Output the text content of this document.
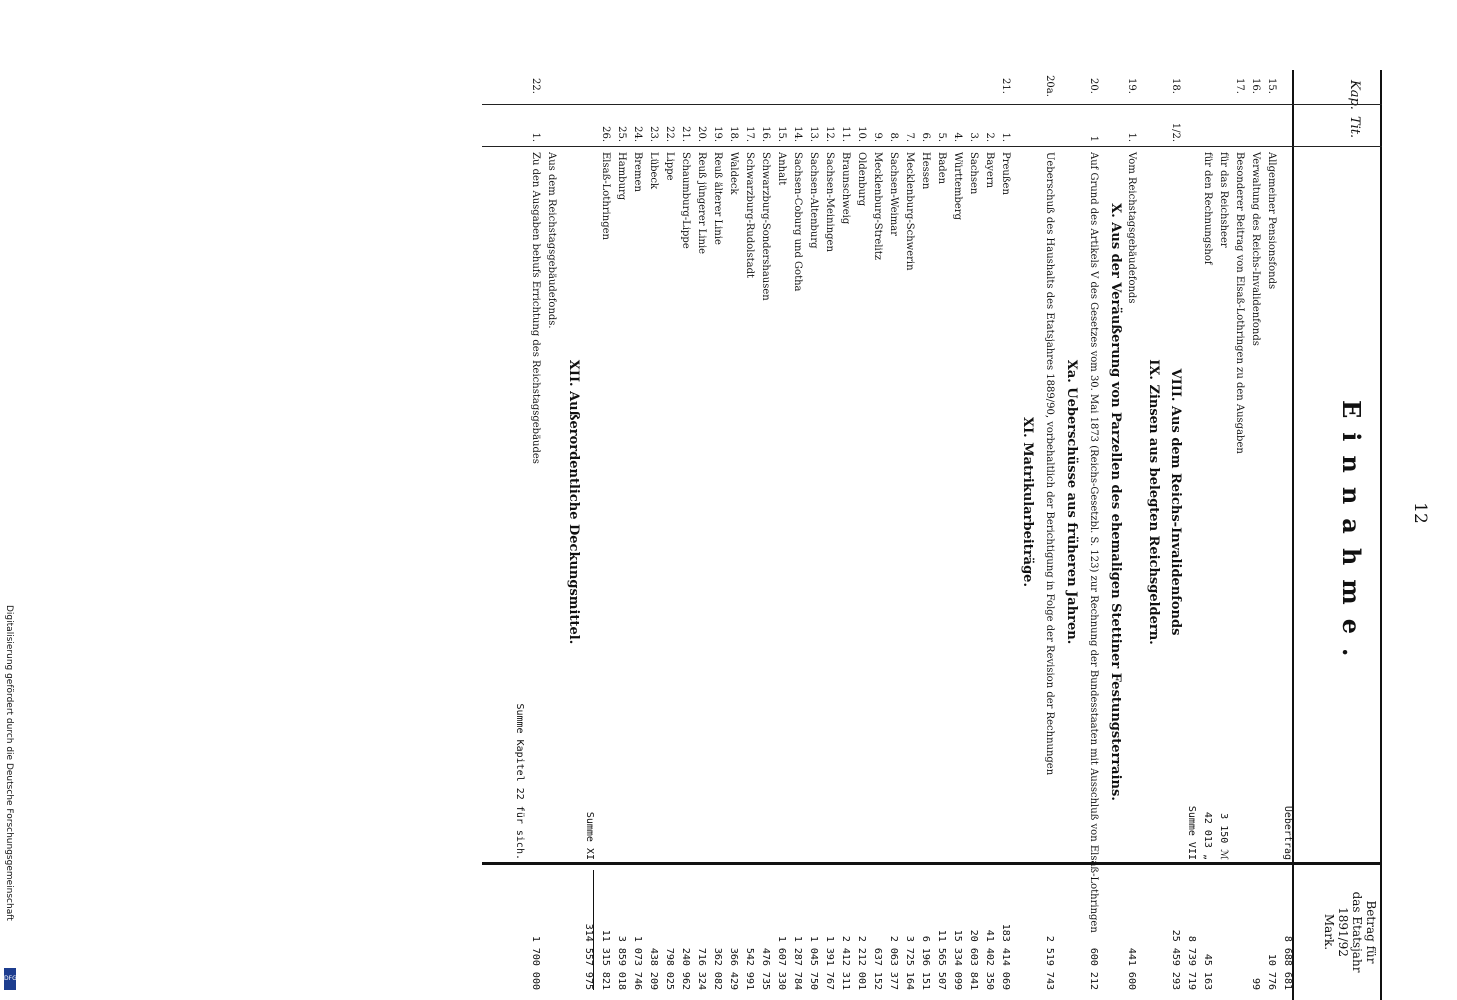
12
Kap.
Tit.
Einnahme.
Betrag für
das Etatsjahr
1891/92
Mark.
Uebertrag
8 688 681
15.
Allgemeiner Pensionsfonds
10 776
16.
Verwaltung des Reichs-Invalidenfonds
99
17.
Besonderer Beitrag von Elsaß-Lothringen zu den Ausgaben
für das Reichsheer
3 150 ℳ
für den Rechnungshof
42 013 „
45 163
Summe VII
8 739 719
18.
1/2.
VIII. Aus dem Reichs-Invalidenfonds
25 459 293
IX. Zinsen aus belegten Reichsgeldern.
19.
1.
Vom Reichstagsgebäudefonds
441 600
X. Aus der Veräußerung von Parzellen des ehemaligen Stettiner Festungsterrains.
20.
1
Auf Grund des Artikels V des Gesetzes vom 30. Mai 1873 (Reichs-Gesetzbl. S. 123) zur Rechnung der Bundesstaaten mit Ausschluß von Elsaß-Lothringen
600 212
Xa. Ueberschüsse aus früheren Jahren.
20a.
Ueberschuß des Haushalts des Etatsjahres 1889/90, vorbehaltlich der Berichtigung in Folge der Revision der Rechnungen
2 519 743
XI. Matrikularbeiträge.
21.
1.
Preußen
183 414 069
2.
Bayern
41 402 350
3.
Sachsen
20 603 841
4.
Württemberg
15 334 099
5.
Baden
11 565 507
6.
Hessen
6 196 151
7.
Mecklenburg-Schwerin
3 725 164
8.
Sachsen-Weimar
2 063 377
9.
Mecklenburg-Strelitz
637 152
10.
Oldenburg
2 212 001
11.
Braunschweig
2 412 311
12.
Sachsen-Meiningen
1 391 767
13.
Sachsen-Altenburg
1 045 750
14.
Sachsen-Coburg und Gotha
1 287 784
15.
Anhalt
1 607 330
16.
Schwarzburg-Sondershausen
476 735
17.
Schwarzburg-Rudolstadt
542 991
18.
Waldeck
366 429
19.
Reuß älterer Linie
362 082
20.
Reuß jüngerer Linie
716 324
21.
Schaumburg-Lippe
240 962
22.
Lippe
798 025
23.
Lübeck
438 209
24.
Bremen
1 073 746
25.
Hamburg
3 859 018
26.
Elsaß-Lothringen
11 315 821
Summe XI
314 557 975
XII. Außerordentliche Deckungsmittel.
Aus dem Reichstagsgebäudefonds.
22.
1.
Zu den Ausgaben behufs Errichtung des Reichstagsgebäudes
1 700 000
Summe Kapitel 22 für sich.
Digitalisierung gefördert durch die Deutsche Forschungsgemeinschaft
DFG
